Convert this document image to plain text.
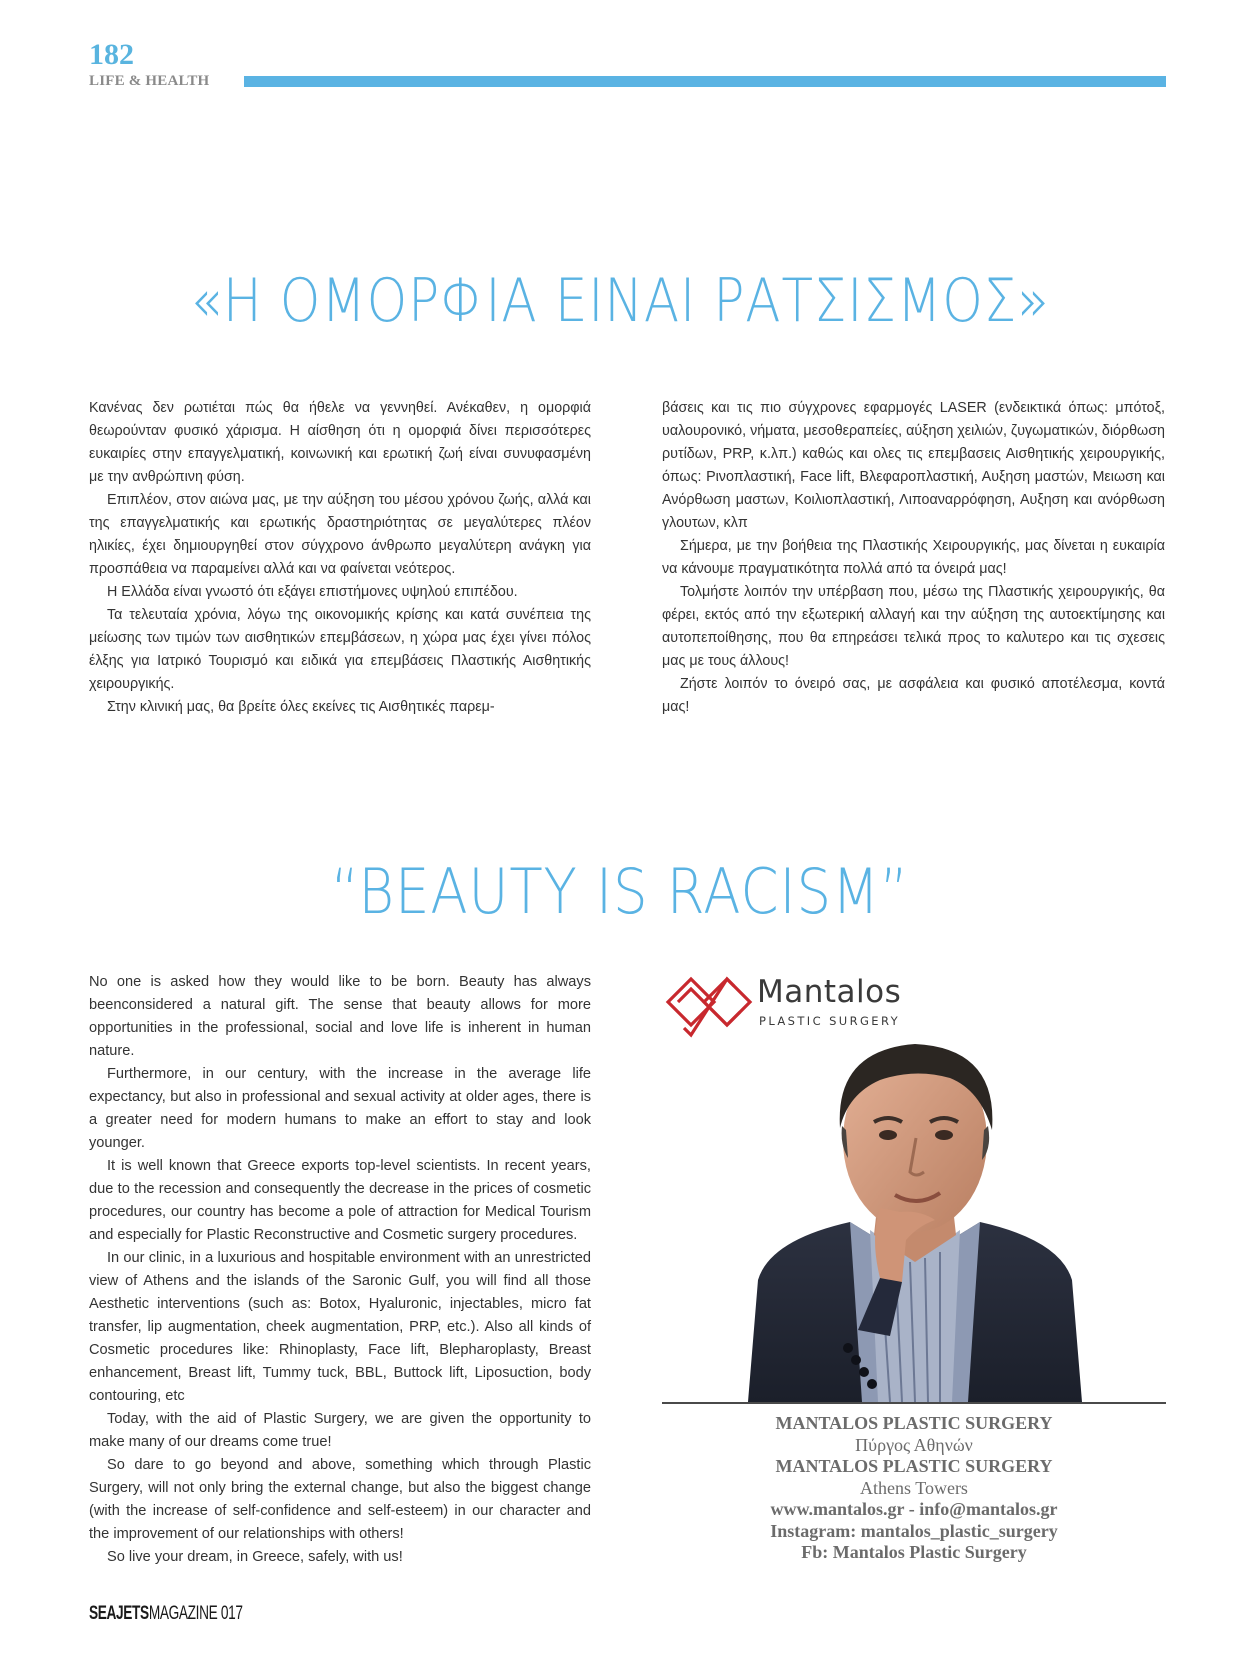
182
LIFE & HEALTH
«Η ΟΜΟΡΦΙΑ ΕΙΝΑΙ ΡΑΤΣΙΣΜΟΣ»

Κανένας δεν ρωτιέται πώς θα ήθελε να γεννηθεί. Ανέκαθεν, η ομορφιά θεωρούνταν φυσικό χάρισμα. Η αίσθηση ότι η ομορφιά δίνει περισσότερες ευκαιρίες στην επαγγελματική, κοινωνική και ερωτική ζωή είναι συνυφασμένη με την ανθρώπινη φύση.

Επιπλέον, στον αιώνα μας, με την αύξηση του μέσου χρόνου ζωής, αλλά και της επαγγελματικής και ερωτικής δραστηριότητας σε μεγαλύτερες πλέον ηλικίες, έχει δημιουργηθεί στον σύγχρονο άνθρωπο μεγαλύτερη ανάγκη για προσπάθεια να παραμείνει αλλά και να φαίνεται νεότερος.

Η Ελλάδα είναι γνωστό ότι εξάγει επιστήμονες υψηλού επιπέδου.

Τα τελευταία χρόνια, λόγω της οικονομικής κρίσης και κατά συνέπεια της μείωσης των τιμών των αισθητικών επεμβάσεων, η χώρα μας έχει γίνει πόλος έλξης για Ιατρικό Τουρισμό και ειδικά για επεμβάσεις Πλαστικής Αισθητικής χειρουργικής.

Στην κλινική μας, θα βρείτε όλες εκείνες τις Αισθητικές παρεμ-

βάσεις και τις πιο σύγχρονες εφαρμογές LASER (ενδεικτικά όπως: μπότοξ, υαλουρονικό, νήματα, μεσοθεραπείες, αύξηση χειλιών, ζυγωματικών, διόρθωση ρυτίδων, PRP, κ.λπ.) καθώς και ολες τις επεμβασεις Αισθητικής χειρουργικής, όπως: Ρινοπλαστική, Face lift, Βλεφαροπλαστική, Αυξηση μαστών, Μειωση και Ανόρθωση μαστων, Κοιλιοπλαστική, Λιποαναρρόφηση, Αυξηση και ανόρθωση γλουτων, κλπ

Σήμερα, με την βοήθεια της Πλαστικής Χειρουργικής, μας δίνεται η ευκαιρία να κάνουμε πραγματικότητα πολλά από τα όνειρά μας!

Τολμήστε λοιπόν την υπέρβαση που, μέσω της Πλαστικής χειρουργικής, θα φέρει, εκτός από την εξωτερική αλλαγή και την αύξηση της αυτοεκτίμησης και αυτοπεποίθησης, που θα επηρεάσει τελικά προς το καλυτερο και τις σχεσεις μας με τους άλλους!

Ζήστε λοιπόν το όνειρό σας, με ασφάλεια και φυσικό αποτέλεσμα, κοντά μας!

“BEAUTY IS RACISM”

No one is asked how they would like to be born. Beauty has always beenconsidered a natural gift. The sense that beauty allows for more opportunities in the professional, social and love life is inherent in human nature.

Furthermore, in our century, with the increase in the average life expectancy, but also in professional and sexual activity at older ages, there is a greater need for modern humans to make an effort to stay and look younger.

It is well known that Greece exports top-level scientists. In recent years, due to the recession and consequently the decrease in the prices of cosmetic procedures, our country has become a pole of attraction for Medical Tourism and especially for Plastic Reconstructive and Cosmetic surgery procedures.

In our clinic, in a luxurious and hospitable environment with an unrestricted view of Athens and the islands of the Saronic Gulf, you will find all those Aesthetic interventions (such as: Botox, Hyaluronic, injectables, micro fat transfer, lip augmentation, cheek augmentation, PRP, etc.). Also all kinds of Cosmetic procedures like: Rhinoplasty, Face lift, Blepharoplasty, Breast enhancement, Breast lift, Tummy tuck, BBL, Buttock lift, Liposuction, body contouring, etc

Today, with the aid of Plastic Surgery, we are given the opportunity to make many of our dreams come true!

So dare to go beyond and above, something which through Plastic Surgery, will not only bring the external change, but also the biggest change (with the increase of self-confidence and self-esteem) in our character and the improvement of our relationships with others!

So live your dream, in Greece, safely, with us!

Mantalos
PLASTIC SURGERY
MANTALOS PLASTIC SURGERY
Πύργος Αθηνών
MANTALOS PLASTIC SURGERY
Athens Towers
www.mantalos.gr - info@mantalos.gr
Instagram: mantalos_plastic_surgery
Fb: Mantalos Plastic Surgery
SEAJETSMAGAZINE 017
